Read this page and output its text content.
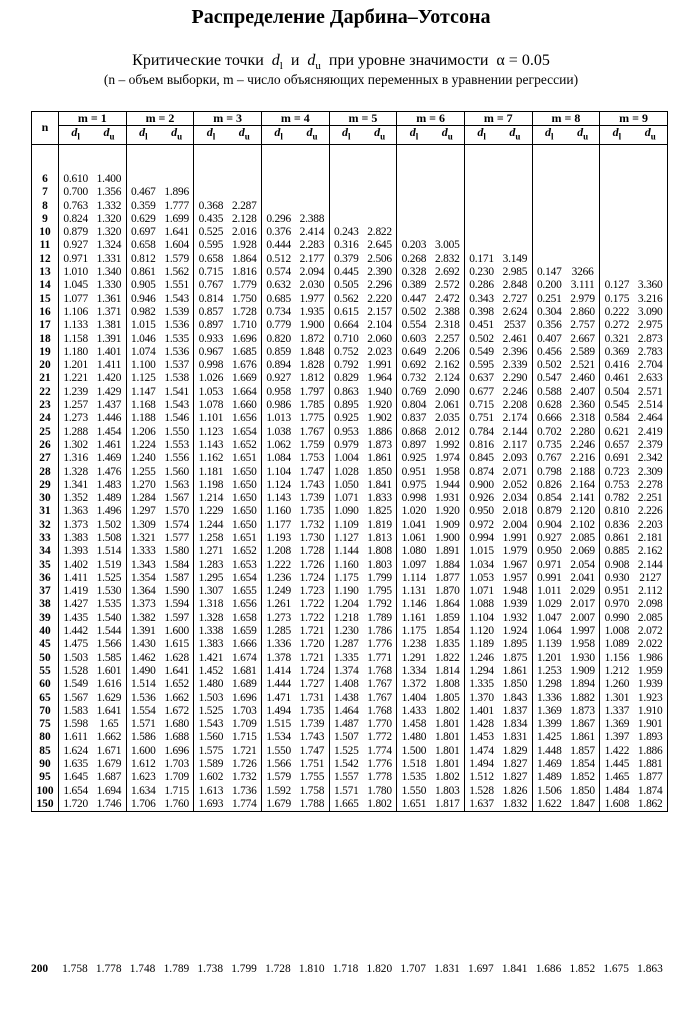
Распределение Дарбина–Уотсона
Критические точки $d_l$ и $d_u$ при уровне значимости α = 0.05
(n – объем выборки, m – число объясняющих переменных в уравнении регрессии)
n	m = 1		m = 2		m = 3		m = 4		m = 5		m = 6		m = 7		m = 8		m = 9	
	$d_l$	$d_u$	$d_l$	$d_u$	$d_l$	$d_u$	$d_l$	$d_u$	$d_l$	$d_u$	$d_l$	$d_u$	$d_l$	$d_u$	$d_l$	$d_u$	$d_l$	$d_u$

6	0.610	1.400																
7	0.700	1.356	0.467	1.896														
8	0.763	1.332	0.359	1.777	0.368	2.287												
9	0.824	1.320	0.629	1.699	0.435	2.128	0.296	2.388										
10	0.879	1.320	0.697	1.641	0.525	2.016	0.376	2.414	0.243	2.822								
11	0.927	1.324	0.658	1.604	0.595	1.928	0.444	2.283	0.316	2.645	0.203	3.005						
12	0.971	1.331	0.812	1.579	0.658	1.864	0.512	2.177	0.379	2.506	0.268	2.832	0.171	3.149				
13	1.010	1.340	0.861	1.562	0.715	1.816	0.574	2.094	0.445	2.390	0.328	2.692	0.230	2.985	0.147	3266		
14	1.045	1.330	0.905	1.551	0.767	1.779	0.632	2.030	0.505	2.296	0.389	2.572	0.286	2.848	0.200	3.111	0.127	3.360
15	1.077	1.361	0.946	1.543	0.814	1.750	0.685	1.977	0.562	2.220	0.447	2.472	0.343	2.727	0.251	2.979	0.175	3.216
16	1.106	1.371	0.982	1.539	0.857	1.728	0.734	1.935	0.615	2.157	0.502	2.388	0.398	2.624	0.304	2.860	0.222	3.090
17	1.133	1.381	1.015	1.536	0.897	1.710	0.779	1.900	0.664	2.104	0.554	2.318	0.451	2537	0.356	2.757	0.272	2.975
18	1.158	1.391	1.046	1.535	0.933	1.696	0.820	1.872	0.710	2.060	0.603	2.257	0.502	2.461	0.407	2.667	0.321	2.873
19	1.180	1.401	1.074	1.536	0.967	1.685	0.859	1.848	0.752	2.023	0.649	2.206	0.549	2.396	0.456	2.589	0.369	2.783
20	1.201	1.411	1.100	1.537	0.998	1.676	0.894	1.828	0.792	1.991	0.692	2.162	0.595	2.339	0.502	2.521	0.416	2.704
21	1.221	1.420	1.125	1.538	1.026	1.669	0.927	1.812	0.829	1.964	0.732	2.124	0.637	2.290	0.547	2.460	0.461	2.633
22	1.239	1.429	1.147	1.541	1.053	1.664	0.958	1.797	0.863	1.940	0.769	2.090	0.677	2.246	0.588	2.407	0.504	2.571
23	1.257	1.437	1.168	1.543	1.078	1.660	0.986	1.785	0.895	1.920	0.804	2.061	0.715	2.208	0.628	2.360	0.545	2.514
24	1.273	1.446	1.188	1.546	1.101	1.656	1.013	1.775	0.925	1.902	0.837	2.035	0.751	2.174	0.666	2.318	0.584	2.464
25	1.288	1.454	1.206	1.550	1.123	1.654	1.038	1.767	0.953	1.886	0.868	2.012	0.784	2.144	0.702	2.280	0.621	2.419
26	1.302	1.461	1.224	1.553	1.143	1.652	1.062	1.759	0.979	1.873	0.897	1.992	0.816	2.117	0.735	2.246	0.657	2.379
27	1.316	1.469	1.240	1.556	1.162	1.651	1.084	1.753	1.004	1.861	0.925	1.974	0.845	2.093	0.767	2.216	0.691	2.342
28	1.328	1.476	1.255	1.560	1.181	1.650	1.104	1.747	1.028	1.850	0.951	1.958	0.874	2.071	0.798	2.188	0.723	2.309
29	1.341	1.483	1.270	1.563	1.198	1.650	1.124	1.743	1.050	1.841	0.975	1.944	0.900	2.052	0.826	2.164	0.753	2.278
30	1.352	1.489	1.284	1.567	1.214	1.650	1.143	1.739	1.071	1.833	0.998	1.931	0.926	2.034	0.854	2.141	0.782	2.251
31	1.363	1.496	1.297	1.570	1.229	1.650	1.160	1.735	1.090	1.825	1.020	1.920	0.950	2.018	0.879	2.120	0.810	2.226
32	1.373	1.502	1.309	1.574	1.244	1.650	1.177	1.732	1.109	1.819	1.041	1.909	0.972	2.004	0.904	2.102	0.836	2.203
33	1.383	1.508	1.321	1.577	1.258	1.651	1.193	1.730	1.127	1.813	1.061	1.900	0.994	1.991	0.927	2.085	0.861	2.181
34	1.393	1.514	1.333	1.580	1.271	1.652	1.208	1.728	1.144	1.808	1.080	1.891	1.015	1.979	0.950	2.069	0.885	2.162
35	1.402	1.519	1.343	1.584	1.283	1.653	1.222	1.726	1.160	1.803	1.097	1.884	1.034	1.967	0.971	2.054	0.908	2.144
36	1.411	1.525	1.354	1.587	1.295	1.654	1.236	1.724	1.175	1.799	1.114	1.877	1.053	1.957	0.991	2.041	0.930	2127
37	1.419	1.530	1.364	1.590	1.307	1.655	1.249	1.723	1.190	1.795	1.131	1.870	1.071	1.948	1.011	2.029	0.951	2.112
38	1.427	1.535	1.373	1.594	1.318	1.656	1.261	1.722	1.204	1.792	1.146	1.864	1.088	1.939	1.029	2.017	0.970	2.098
39	1.435	1.540	1.382	1.597	1.328	1.658	1.273	1.722	1.218	1.789	1.161	1.859	1.104	1.932	1.047	2.007	0.990	2.085
40	1.442	1.544	1.391	1.600	1.338	1.659	1.285	1.721	1.230	1.786	1.175	1.854	1.120	1.924	1.064	1.997	1.008	2.072
45	1.475	1.566	1.430	1.615	1.383	1.666	1.336	1.720	1.287	1.776	1.238	1.835	1.189	1.895	1.139	1.958	1.089	2.022
50	1.503	1.585	1.462	1.628	1.421	1.674	1.378	1.721	1.335	1.771	1.291	1.822	1.246	1.875	1.201	1.930	1.156	1.986
55	1.528	1.601	1.490	1.641	1.452	1.681	1.414	1.724	1.374	1.768	1.334	1.814	1.294	1.861	1.253	1.909	1.212	1.959
60	1.549	1.616	1.514	1.652	1.480	1.689	1.444	1.727	1.408	1.767	1.372	1.808	1.335	1.850	1.298	1.894	1.260	1.939
65	1.567	1.629	1.536	1.662	1.503	1.696	1.471	1.731	1.438	1.767	1.404	1.805	1.370	1.843	1.336	1.882	1.301	1.923
70	1.583	1.641	1.554	1.672	1.525	1.703	1.494	1.735	1.464	1.768	1.433	1.802	1.401	1.837	1.369	1.873	1.337	1.910
75	1.598	1.65	1.571	1.680	1.543	1.709	1.515	1.739	1.487	1.770	1.458	1.801	1.428	1.834	1.399	1.867	1.369	1.901
80	1.611	1.662	1.586	1.688	1.560	1.715	1.534	1.743	1.507	1.772	1.480	1.801	1.453	1.831	1.425	1.861	1.397	1.893
85	1.624	1.671	1.600	1.696	1.575	1.721	1.550	1.747	1.525	1.774	1.500	1.801	1.474	1.829	1.448	1.857	1.422	1.886
90	1.635	1.679	1.612	1.703	1.589	1.726	1.566	1.751	1.542	1.776	1.518	1.801	1.494	1.827	1.469	1.854	1.445	1.881
95	1.645	1.687	1.623	1.709	1.602	1.732	1.579	1.755	1.557	1.778	1.535	1.802	1.512	1.827	1.489	1.852	1.465	1.877
100	1.654	1.694	1.634	1.715	1.613	1.736	1.592	1.758	1.571	1.780	1.550	1.803	1.528	1.826	1.506	1.850	1.484	1.874
150	1.720	1.746	1.706	1.760	1.693	1.774	1.679	1.788	1.665	1.802	1.651	1.817	1.637	1.832	1.622	1.847	1.608	1.862
200 1.758 1.778 1.748 1.789 1.738 1.799 1.728 1.810 1.718 1.820 1.707 1.831 1.697 1.841 1.686 1.852 1.675 1.863
